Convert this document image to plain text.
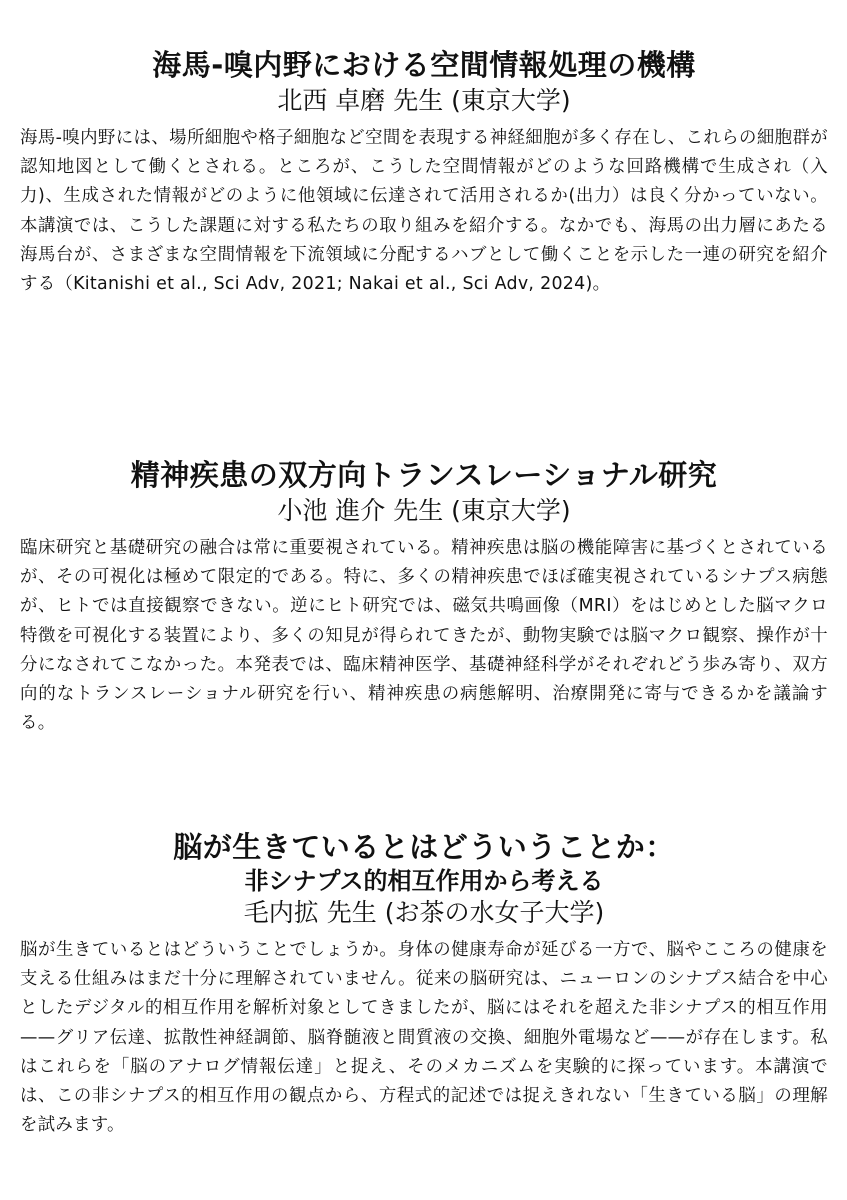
海馬-嗅内野における空間情報処理の機構

北西 卓磨 先生 (東京大学)

海馬-嗅内野には、場所細胞や格子細胞など空間を表現する神経細胞が多く存在し、これらの細胞群が認知地図として働くとされる。ところが、こうした空間情報がどのような回路機構で生成され（入力)、生成された情報がどのように他領域に伝達されて活用されるか(出力）は良く分かっていない。本講演では、こうした課題に対する私たちの取り組みを紹介する。なかでも、海馬の出力層にあたる海馬台が、さまざまな空間情報を下流領域に分配するハブとして働くことを示した一連の研究を紹介する（Kitanishi et al., Sci Adv, 2021; Nakai et al., Sci Adv, 2024)。

精神疾患の双方向トランスレーショナル研究

小池 進介 先生 (東京大学)

臨床研究と基礎研究の融合は常に重要視されている。精神疾患は脳の機能障害に基づくとされているが、その可視化は極めて限定的である。特に、多くの精神疾患でほぼ確実視されているシナプス病態が、ヒトでは直接観察できない。逆にヒト研究では、磁気共鳴画像（MRI）をはじめとした脳マクロ特徴を可視化する装置により、多くの知見が得られてきたが、動物実験では脳マクロ観察、操作が十分になされてこなかった。本発表では、臨床精神医学、基礎神経科学がそれぞれどう歩み寄り、双方向的なトランスレーショナル研究を行い、精神疾患の病態解明、治療開発に寄与できるかを議論する。

脳が生きているとはどういうことか：
非シナプス的相互作用から考える

毛内拡 先生 (お茶の水女子大学)

脳が生きているとはどういうことでしょうか。身体の健康寿命が延びる一方で、脳やこころの健康を支える仕組みはまだ十分に理解されていません。従来の脳研究は、ニューロンのシナプス結合を中心としたデジタル的相互作用を解析対象としてきましたが、脳にはそれを超えた非シナプス的相互作用——グリア伝達、拡散性神経調節、脳脊髄液と間質液の交換、細胞外電場など——が存在します。私はこれらを「脳のアナログ情報伝達」と捉え、そのメカニズムを実験的に探っています。本講演では、この非シナプス的相互作用の観点から、方程式的記述では捉えきれない「生きている脳」の理解を試みます。
